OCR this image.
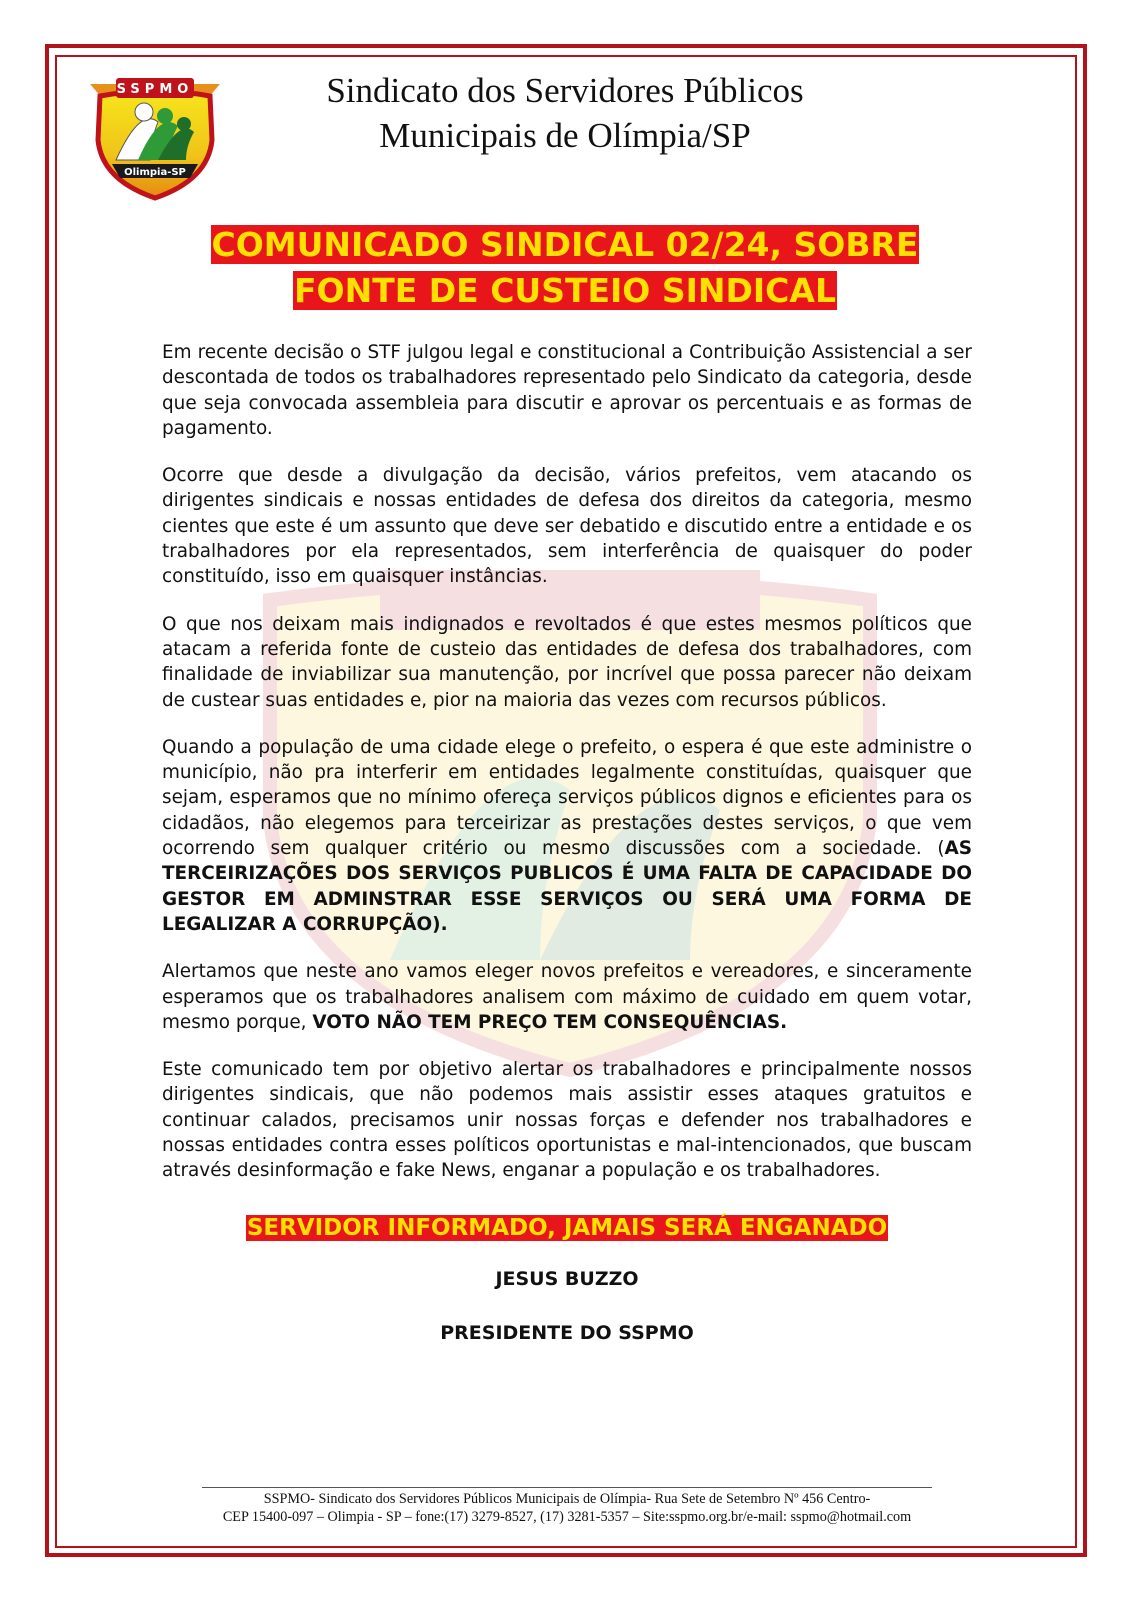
SSPMO
Olimpia-SP
Sindicato dos Servidores Públicos
Municipais de Olímpia/SP
COMUNICADO SINDICAL 02/24, SOBRE
FONTE DE CUSTEIO SINDICAL

Em recente decisão o STF julgou legal e constitucional a Contribuição Assistencial a ser descontada de todos os trabalhadores representado pelo Sindicato da categoria, desde que seja convocada assembleia para discutir e aprovar os percentuais e as formas de pagamento.

Ocorre que desde a divulgação da decisão, vários prefeitos, vem atacando os dirigentes sindicais e nossas entidades de defesa dos direitos da categoria, mesmo cientes que este é um assunto que deve ser debatido e discutido entre a entidade e os trabalhadores por ela representados, sem interferência de quaisquer do poder constituído, isso em quaisquer instâncias.

O que nos deixam mais indignados e revoltados é que estes mesmos políticos que atacam a referida fonte de custeio das entidades de defesa dos trabalhadores, com finalidade de inviabilizar sua manutenção, por incrível que possa parecer não deixam de custear suas entidades e, pior na maioria das vezes com recursos públicos.

Quando a população de uma cidade elege o prefeito, o espera é que este administre o município, não pra interferir em entidades legalmente constituídas, quaisquer que sejam, esperamos que no mínimo ofereça serviços públicos dignos e eficientes para os cidadãos, não elegemos para terceirizar as prestações destes serviços, o que vem ocorrendo sem qualquer critério ou mesmo discussões com a sociedade. (AS TERCEIRIZAÇÕES DOS SERVIÇOS PUBLICOS É UMA FALTA DE CAPACIDADE DO GESTOR EM ADMINSTRAR ESSE SERVIÇOS OU SERÁ UMA FORMA DE LEGALIZAR A CORRUPÇÃO).

Alertamos que neste ano vamos eleger novos prefeitos e vereadores, e sinceramente esperamos que os trabalhadores analisem com máximo de cuidado em quem votar, mesmo porque, VOTO NÃO TEM PREÇO TEM CONSEQUÊNCIAS.

Este comunicado tem por objetivo alertar os trabalhadores e principalmente nossos dirigentes sindicais, que não podemos mais assistir esses ataques gratuitos e continuar calados, precisamos unir nossas forças e defender nos trabalhadores e nossas entidades contra esses políticos oportunistas e mal-intencionados, que buscam através desinformação e fake News, enganar a população e os trabalhadores.

SERVIDOR INFORMADO, JAMAIS SERÁ ENGANADO
JESUS BUZZO
PRESIDENTE DO SSPMO
SSPMO- Sindicato dos Servidores Públicos Municipais de Olímpia- Rua Sete de Setembro Nº 456 Centro-
CEP 15400-097 – Olimpia - SP – fone:(17) 3279-8527, (17) 3281-5357 – Site:sspmo.org.br/e-mail: sspmo@hotmail.com
